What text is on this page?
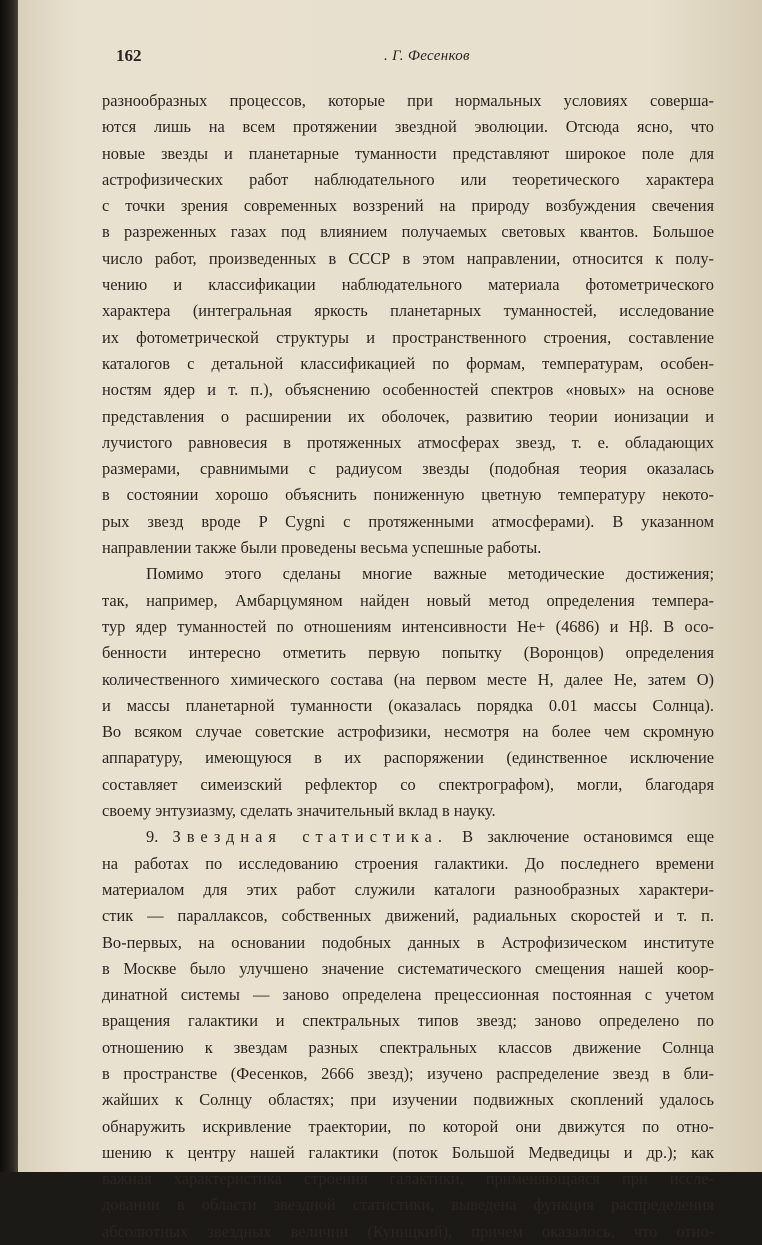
162	. Г. Фесенков
разнообразных процессов, которые при нормальных условиях соверша-
ются лишь на всем протяжении звездной эволюции. Отсюда ясно, что
новые звезды и планетарные туманности представляют широкое поле для
астрофизических работ наблюдательного или теоретического характера
с точки зрения современных воззрений на природу возбуждения свечения
в разреженных газах под влиянием получаемых световых квантов. Большое
число работ, произведенных в СССР в этом направлении, относится к полу-
чению и классификации наблюдательного материала фотометрического
характера (интегральная яркость планетарных туманностей, исследование
их фотометрической структуры и пространственного строения, составление
каталогов с детальной классификацией по формам, температурам, особен-
ностям ядер и т. п.), объяснению особенностей спектров «новых» на основе
представления о расширении их оболочек, развитию теории ионизации и
лучистого равновесия в протяженных атмосферах звезд, т. е. обладающих
размерами, сравнимыми с радиусом звезды (подобная теория оказалась
в состоянии хорошо объяснить пониженную цветную температуру некото-
рых звезд вроде P Cygni с протяженными атмосферами). В указанном
направлении также были проведены весьма успешные работы.
Помимо этого сделаны многие важные методические достижения;
так, например, Амбарцумяном найден новый метод определения темпера-
тур ядер туманностей по отношениям интенсивности He+ (4686) и Hβ. В осо-
бенности интересно отметить первую попытку (Воронцов) определения
количественного химического состава (на первом месте H, далее He, затем O)
и массы планетарной туманности (оказалась порядка 0.01 массы Солнца).
Во всяком случае советские астрофизики, несмотря на более чем скромную
аппаратуру, имеющуюся в их распоряжении (единственное исключение
составляет симеизский рефлектор со спектрографом), могли, благодаря
своему энтузиазму, сделать значительный вклад в науку.
9. Звездная статистика. В заключение остановимся еще
на работах по исследованию строения галактики. До последнего времени
материалом для этих работ служили каталоги разнообразных характери-
стик — параллаксов, собственных движений, радиальных скоростей и т. п.
Во-первых, на основании подобных данных в Астрофизическом институте
в Москве было улучшено значение систематического смещения нашей коор-
динатной системы — заново определена прецессионная постоянная с учетом
вращения галактики и спектральных типов звезд; заново определено по
отношению к звездам разных спектральных классов движение Солнца
в пространстве (Фесенков, 2666 звезд); изучено распределение звезд в бли-
жайших к Солнцу областях; при изучении подвижных скоплений удалось
обнаружить искривление траектории, по которой они движутся по отно-
шению к центру нашей галактики (поток Большой Медведицы и др.); как
важная характеристика строения галактики, применяющаяся при иссле-
довании в области звездной статистики, выведена функция распределения
абсолютных звездных величин (Куницкий), причем оказалось, что отно-
